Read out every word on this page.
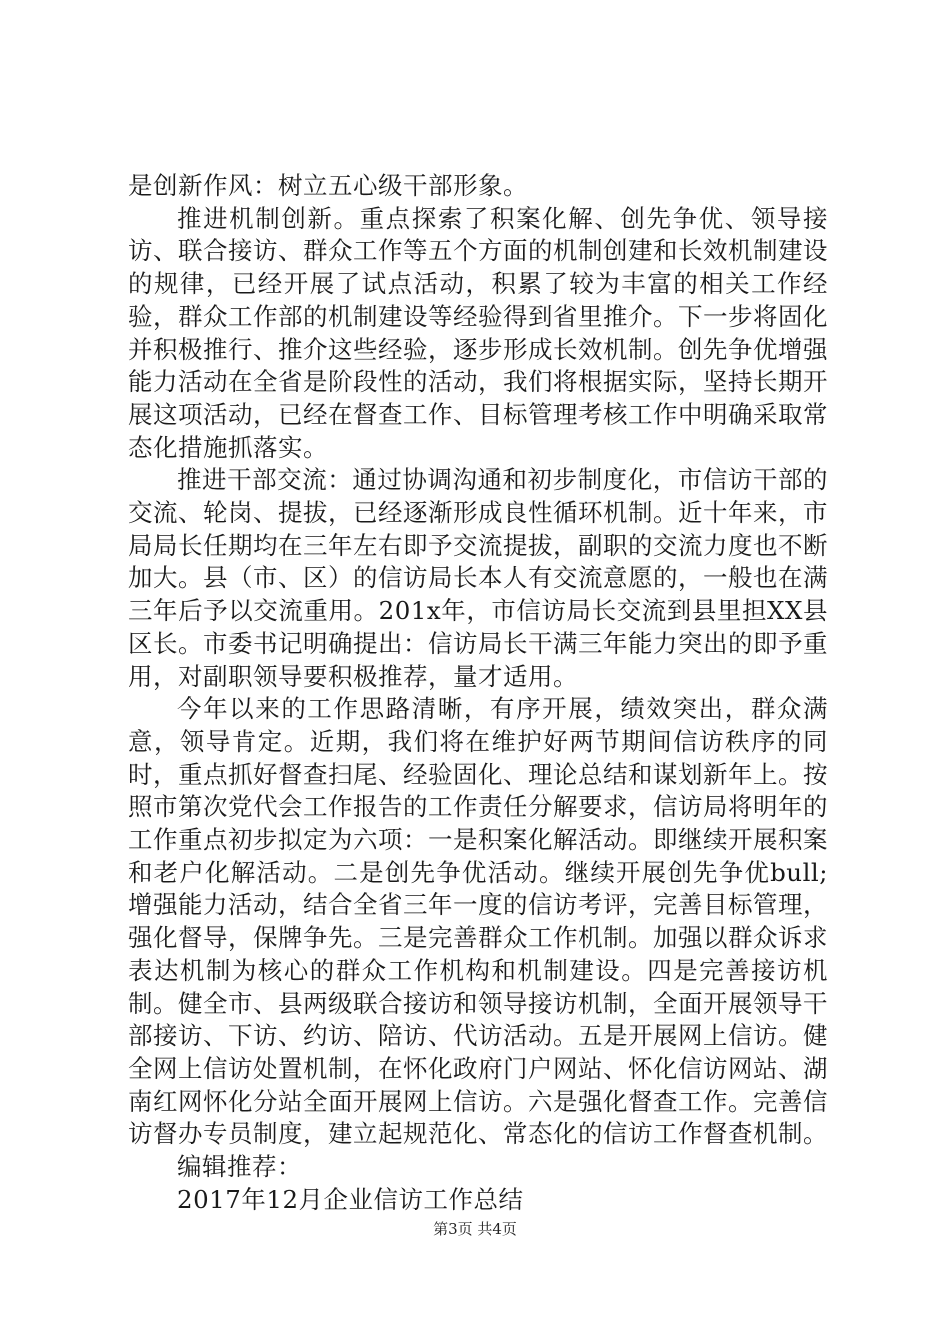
是创新作风：树立五心级干部形象。

推进机制创新。重点探索了积案化解、创先争优、领导接访、联合接访、群众工作等五个方面的机制创建和长效机制建设的规律，已经开展了试点活动，积累了较为丰富的相关工作经验，群众工作部的机制建设等经验得到省里推介。下一步将固化并积极推行、推介这些经验，逐步形成长效机制。创先争优增强能力活动在全省是阶段性的活动，我们将根据实际，坚持长期开展这项活动，已经在督查工作、目标管理考核工作中明确采取常态化措施抓落实。

推进干部交流：通过协调沟通和初步制度化，市信访干部的交流、轮岗、提拔，已经逐渐形成良性循环机制。近十年来，市局局长任期均在三年左右即予交流提拔，副职的交流力度也不断加大。县（市、区）的信访局长本人有交流意愿的，一般也在满三年后予以交流重用。201x年，市信访局长交流到县里担XX县区长。市委书记明确提出：信访局长干满三年能力突出的即予重用，对副职领导要积极推荐，量才适用。

今年以来的工作思路清晰，有序开展，绩效突出，群众满意，领导肯定。近期，我们将在维护好两节期间信访秩序的同时，重点抓好督查扫尾、经验固化、理论总结和谋划新年上。按照市第次党代会工作报告的工作责任分解要求，信访局将明年的工作重点初步拟定为六项：一是积案化解活动。即继续开展积案和老户化解活动。二是创先争优活动。继续开展创先争优bull;增强能力活动，结合全省三年一度的信访考评，完善目标管理，强化督导，保牌争先。三是完善群众工作机制。加强以群众诉求表达机制为核心的群众工作机构和机制建设。四是完善接访机制。健全市、县两级联合接访和领导接访机制，全面开展领导干部接访、下访、约访、陪访、代访活动。五是开展网上信访。健全网上信访处置机制，在怀化政府门户网站、怀化信访网站、湖南红网怀化分站全面开展网上信访。六是强化督查工作。完善信访督办专员制度，建立起规范化、常态化的信访工作督查机制。

编辑推荐：

2017年12月企业信访工作总结

第3页 共4页
